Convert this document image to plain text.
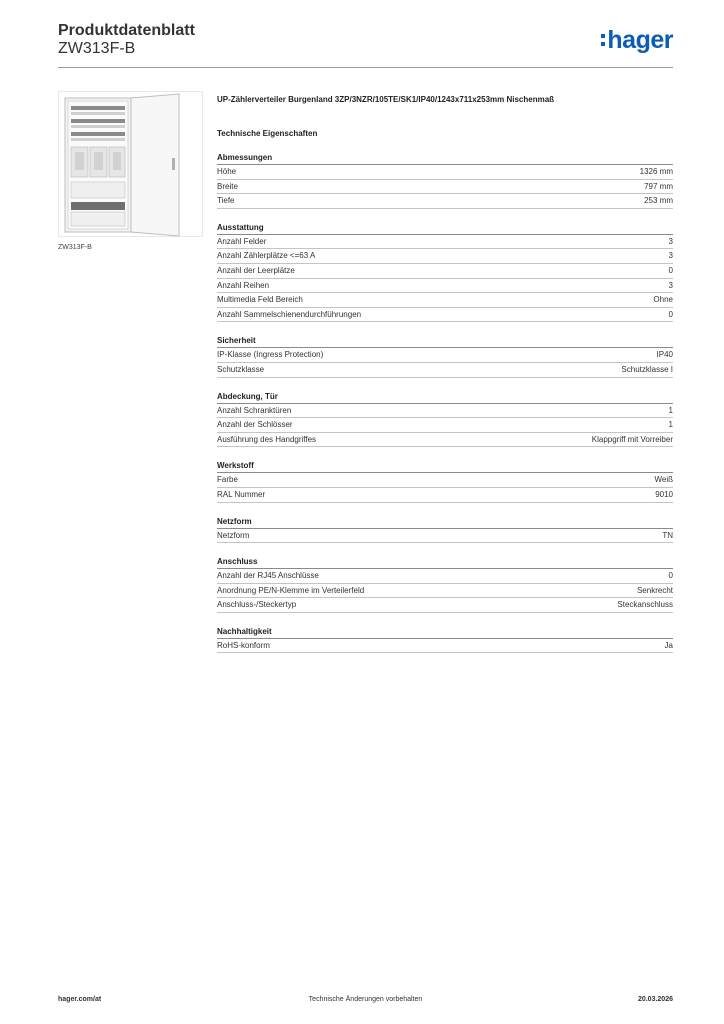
Produktdatenblatt
ZW313F-B	hager
ZW313F-B
UP-Zählerverteiler Burgenland 3ZP/3NZR/105TE/SK1/IP40/1243x711x253mm Nischenmaß
Technische Eigenschaften
Abmessungen
Höhe	1326 mm
Breite	797 mm
Tiefe	253 mm
Ausstattung
Anzahl Felder	3
Anzahl Zählerplätze <=63 A	3
Anzahl der Leerplätze	0
Anzahl Reihen	3
Multimedia Feld Bereich	Ohne
Anzahl Sammelschienendurchführungen	0
Sicherheit
IP-Klasse (Ingress Protection)	IP40
Schutzklasse	Schutzklasse I
Abdeckung, Tür
Anzahl Schranktüren	1
Anzahl der Schlösser	1
Ausführung des Handgriffes	Klappgriff mit Vorreiber
Werkstoff
Farbe	Weiß
RAL Nummer	9010
Netzform
Netzform	TN
Anschluss
Anzahl der RJ45 Anschlüsse	0
Anordnung PE/N-Klemme im Verteilerfeld	Senkrecht
Anschluss-/Steckertyp	Steckanschluss
Nachhaltigkeit
RoHS-konform	Ja
hager.com/at	Technische Änderungen vorbehalten	20.03.2026
